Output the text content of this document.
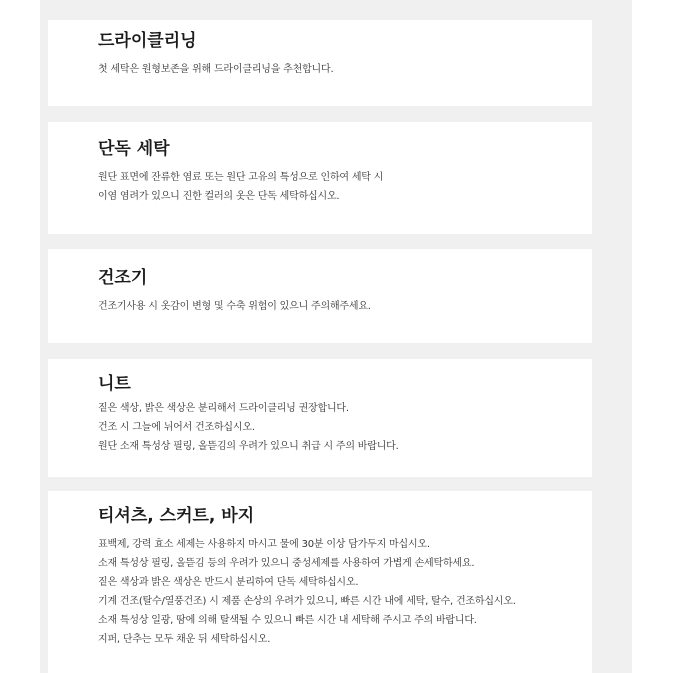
드라이클리닝
첫 세탁은 원형보존을 위해 드라이클리닝을 추천합니다.
단독 세탁
원단 표면에 잔류한 염료 또는 원단 고유의 특성으로 인하여 세탁 시
이염 염려가 있으니 진한 컬러의 옷은 단독 세탁하십시오.
건조기
건조기사용 시 옷감이 변형 및 수축 위험이 있으니 주의해주세요.
니트
짙은 색상, 밝은 색상은 분리해서 드라이클리닝 권장합니다.
건조 시 그늘에 뉘어서 건조하십시오.
원단 소재 특성상 필링, 올뜯김의 우려가 있으니 취급 시 주의 바랍니다.
티셔츠, 스커트, 바지
표백제, 강력 효소 세제는 사용하지 마시고 물에 30분 이상 담가두지 마십시오.
소재 특성상 필링, 올뜯김 등의 우려가 있으니 중성세제를 사용하여 가볍게 손세탁하세요.
짙은 색상과 밝은 색상은 반드시 분리하여 단독 세탁하십시오.
기계 건조(탈수/열풍건조) 시 제품 손상의 우려가 있으니, 빠른 시간 내에 세탁, 탈수, 건조하십시오.
소재 특성상 일광, 땀에 의해 탈색될 수 있으니 빠른 시간 내 세탁해 주시고 주의 바랍니다.
지퍼, 단추는 모두 채운 뒤 세탁하십시오.
